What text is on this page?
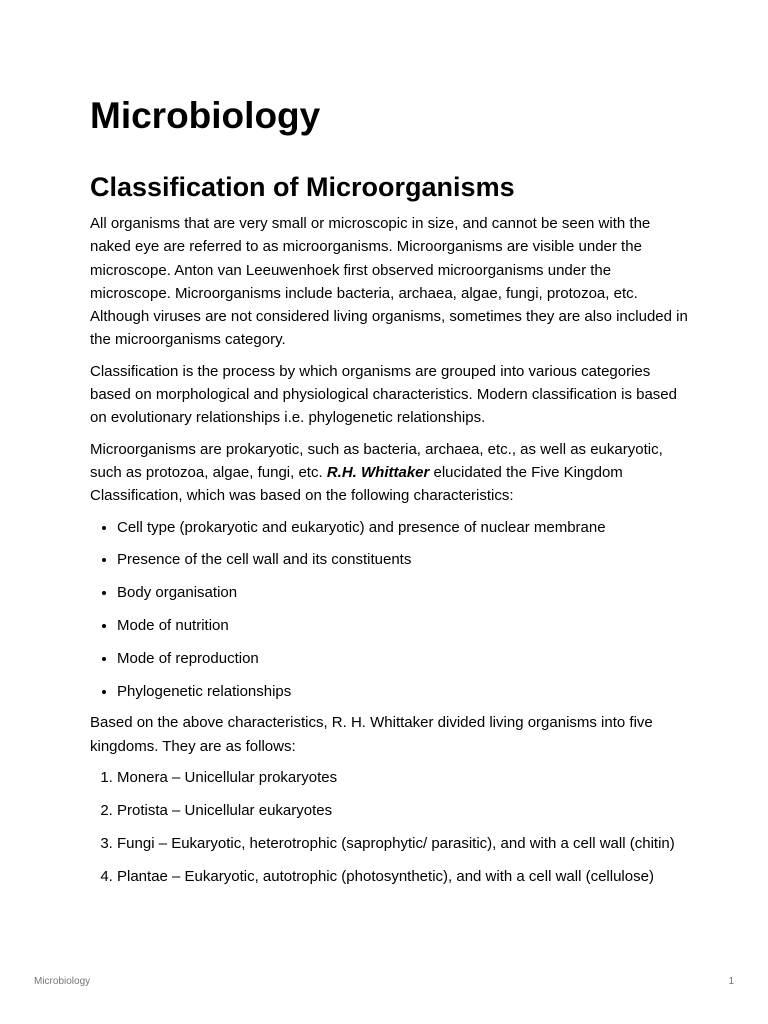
Microbiology
Classification of Microorganisms

All organisms that are very small or microscopic in size, and cannot be seen with the naked eye are referred to as microorganisms. Microorganisms are visible under the microscope. Anton van Leeuwenhoek first observed microorganisms under the microscope. Microorganisms include bacteria, archaea, algae, fungi, protozoa, etc. Although viruses are not considered living organisms, sometimes they are also included in the microorganisms category.

Classification is the process by which organisms are grouped into various categories based on morphological and physiological characteristics. Modern classification is based on evolutionary relationships i.e. phylogenetic relationships.

Microorganisms are prokaryotic, such as bacteria, archaea, etc., as well as eukaryotic, such as protozoa, algae, fungi, etc. R.H. Whittaker elucidated the Five Kingdom Classification, which was based on the following characteristics:

• Cell type (prokaryotic and eukaryotic) and presence of nuclear membrane
• Presence of the cell wall and its constituents
• Body organisation
• Mode of nutrition
• Mode of reproduction
• Phylogenetic relationships

Based on the above characteristics, R. H. Whittaker divided living organisms into five kingdoms. They are as follows:

1. Monera – Unicellular prokaryotes
2. Protista – Unicellular eukaryotes
3. Fungi – Eukaryotic, heterotrophic (saprophytic/ parasitic), and with a cell wall (chitin)
4. Plantae – Eukaryotic, autotrophic (photosynthetic), and with a cell wall (cellulose)
Microbiology	1
